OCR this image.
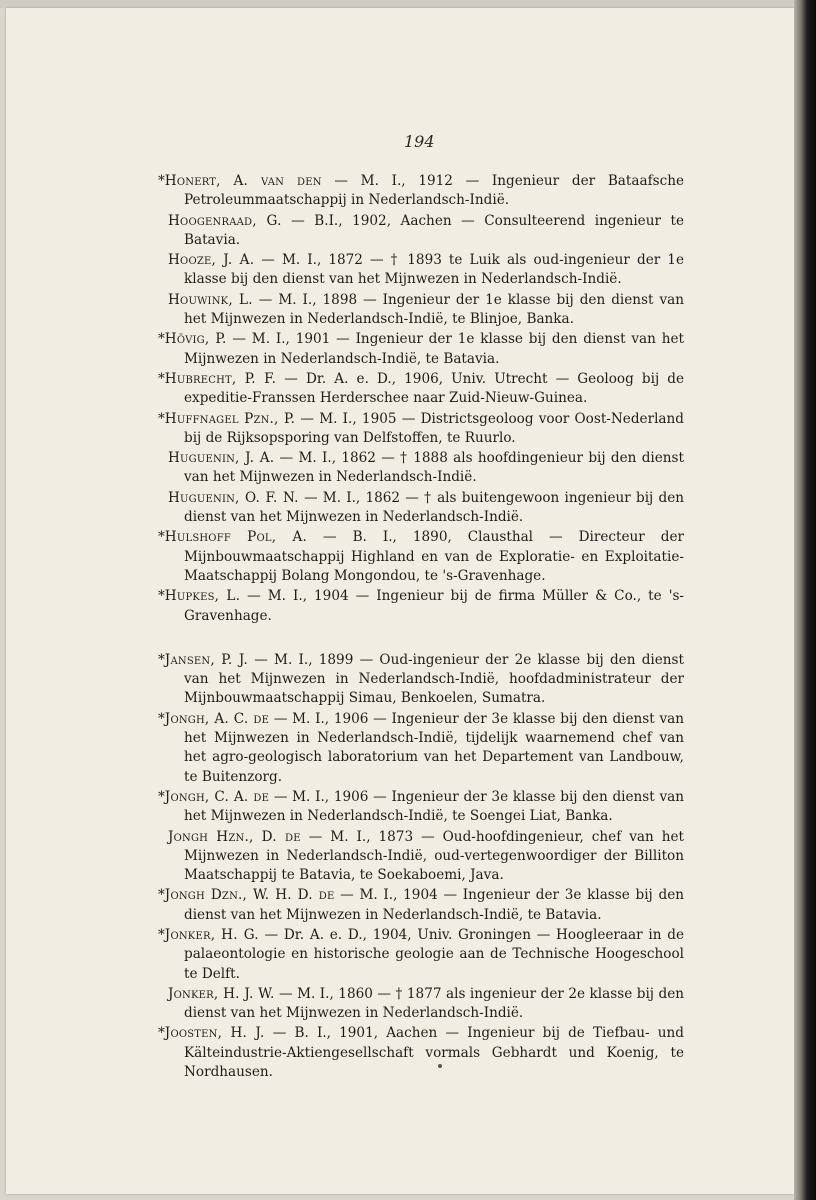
194

*Honert, A. van den — M. I., 1912 — Ingenieur der Bataafsche Petroleummaatschappij in Nederlandsch-Indië.

Hoogenraad, G. — B.I., 1902, Aachen — Consulteerend ingenieur te Batavia.

Hooze, J. A. — M. I., 1872 — † 1893 te Luik als oud-ingenieur der 1e klasse bij den dienst van het Mijnwezen in Nederlandsch-Indië.

Houwink, L. — M. I., 1898 — Ingenieur der 1e klasse bij den dienst van het Mijnwezen in Nederlandsch-Indië, te Blinjoe, Banka.

*Hövig, P. — M. I., 1901 — Ingenieur der 1e klasse bij den dienst van het Mijnwezen in Nederlandsch-Indië, te Batavia.

*Hubrecht, P. F. — Dr. A. e. D., 1906, Univ. Utrecht — Geoloog bij de expeditie-Franssen Herderschee naar Zuid-Nieuw-Guinea.

*Huffnagel Pzn., P. — M. I., 1905 — Districtsgeoloog voor Oost-Nederland bij de Rijksopsporing van Delfstoffen, te Ruurlo.

Huguenin, J. A. — M. I., 1862 — † 1888 als hoofdingenieur bij den dienst van het Mijnwezen in Nederlandsch-Indië.

Huguenin, O. F. N. — M. I., 1862 — † als buitengewoon ingenieur bij den dienst van het Mijnwezen in Nederlandsch-Indië.

*Hulshoff Pol, A. — B. I., 1890, Clausthal — Directeur der Mijnbouwmaatschappij Highland en van de Exploratie- en Exploitatie-Maatschappij Bolang Mongondou, te 's-Gravenhage.

*Hupkes, L. — M. I., 1904 — Ingenieur bij de firma Müller & Co., te 's-Gravenhage.

*Jansen, P. J. — M. I., 1899 — Oud-ingenieur der 2e klasse bij den dienst van het Mijnwezen in Nederlandsch-Indië, hoofdadministrateur der Mijnbouwmaatschappij Simau, Benkoelen, Sumatra.

*Jongh, A. C. de — M. I., 1906 — Ingenieur der 3e klasse bij den dienst van het Mijnwezen in Nederlandsch-Indië, tijdelijk waarnemend chef van het agro-geologisch laboratorium van het Departement van Landbouw, te Buitenzorg.

*Jongh, C. A. de — M. I., 1906 — Ingenieur der 3e klasse bij den dienst van het Mijnwezen in Nederlandsch-Indië, te Soengei Liat, Banka.

Jongh Hzn., D. de — M. I., 1873 — Oud-hoofdingenieur, chef van het Mijnwezen in Nederlandsch-Indië, oud-vertegenwoordiger der Billiton Maatschappij te Batavia, te Soekaboemi, Java.

*Jongh Dzn., W. H. D. de — M. I., 1904 — Ingenieur der 3e klasse bij den dienst van het Mijnwezen in Nederlandsch-Indië, te Batavia.

*Jonker, H. G. — Dr. A. e. D., 1904, Univ. Groningen — Hoogleeraar in de palaeontologie en historische geologie aan de Technische Hoogeschool te Delft.

Jonker, H. J. W. — M. I., 1860 — † 1877 als ingenieur der 2e klasse bij den dienst van het Mijnwezen in Nederlandsch-Indië.

*Joosten, H. J. — B. I., 1901, Aachen — Ingenieur bij de Tiefbau- und Kälteindustrie-Aktiengesellschaft vormals Gebhardt und Koenig, te Nordhausen.
